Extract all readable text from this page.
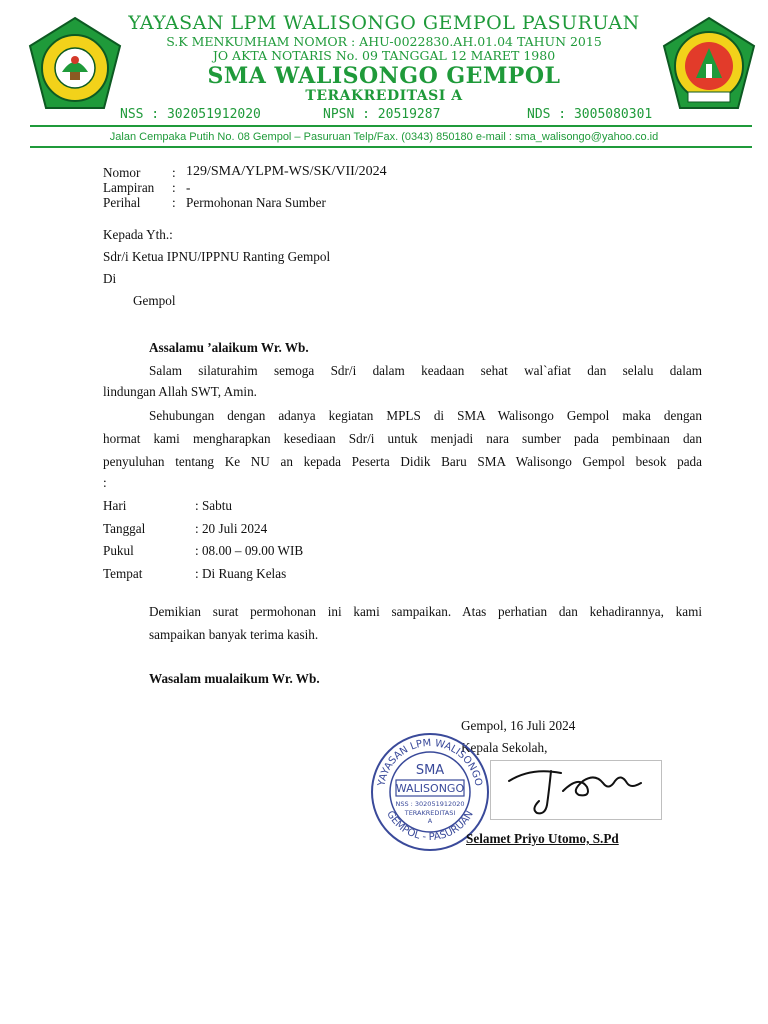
YAYASAN LPM WALISONGO GEMPOL PASURUAN
S.K MENKUMHAM NOMOR : AHU-0022830.AH.01.04 TAHUN 2015
JO AKTA NOTARIS No. 09 TANGGAL 12 MARET 1980
SMA WALISONGO GEMPOL
TERAKREDITASI A
NSS : 302051912020	NPSN : 20519287	NDS : 3005080301
Jalan Cempaka Putih No. 08 Gempol – Pasuruan Telp/Fax. (0343) 850180 e-mail : sma_walisongo@yahoo.co.id
Nomor : 129/SMA/YLPM-WS/SK/VII/2024
Lampiran : -
Perihal : Permohonan Nara Sumber
Kepada Yth.:
Sdr/i Ketua IPNU/IPPNU Ranting Gempol
Di
Gempol
Assalamu ’alaikum Wr. Wb.
Salam silaturahim semoga Sdr/i dalam keadaan sehat wal`afiat dan selalu dalam
lindungan Allah SWT, Amin.
Sehubungan dengan adanya kegiatan MPLS di SMA Walisongo Gempol maka dengan
hormat kami mengharapkan kesediaan Sdr/i untuk menjadi nara sumber pada pembinaan dan
penyuluhan tentang Ke NU an kepada Peserta Didik Baru SMA Walisongo Gempol besok pada
:
Hari	: Sabtu
Tanggal	: 20 Juli 2024
Pukul	: 08.00 – 09.00 WIB
Tempat	: Di Ruang Kelas
Demikian surat permohonan ini kami sampaikan. Atas perhatian dan kehadirannya, kami
sampaikan banyak terima kasih.
Wasalam mualaikum Wr. Wb.
Gempol, 16 Juli 2024
Kepala Sekolah,
YAYASAN LPM WALISONGO
GEMPOL - PASURUAN
SMA
WALISONGO
NSS : 302051912020
TERAKREDITASI
A
Selamet Priyo Utomo, S.Pd
